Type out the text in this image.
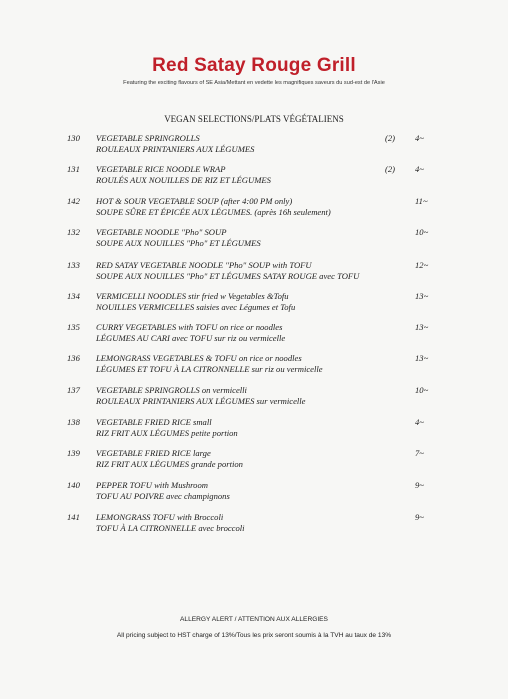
Red Satay Rouge Grill
Featuring the exciting flavours of SE Asia/Mettant en vedette les magnifiques saveurs du sud-est de l'Asie
VEGAN SELECTIONS/PLATS VÉGÉTALIENS
130 VEGETABLE SPRINGROLLS
ROULEAUX PRINTANIERS AUX LÉGUMES
(2) 4~
131 VEGETABLE RICE NOODLE WRAP
ROULÉS AUX NOUILLES DE RIZ ET LÉGUMES
(2) 4~
142 HOT & SOUR VEGETABLE SOUP (after 4:00 PM only)
SOUPE SÛRE ET ÉPICÉE AUX LÉGUMES. (après 16h seulement)
11~
132 VEGETABLE NOODLE "Pho" SOUP
SOUPE AUX NOUILLES "Pho" ET LÉGUMES
10~
133 RED SATAY VEGETABLE NOODLE "Pho" SOUP with TOFU
SOUPE AUX NOUILLES "Pho" ET LÉGUMES SATAY ROUGE avec TOFU
12~
134 VERMICELLI NOODLES stir fried w Vegetables &Tofu
NOUILLES VERMICELLES saisies avec Légumes et Tofu
13~
135 CURRY VEGETABLES with TOFU on rice or noodles
LÉGUMES AU CARI avec TOFU sur riz ou vermicelle
13~
136 LEMONGRASS VEGETABLES & TOFU on rice or noodles
LÉGUMES ET TOFU À LA CITRONNELLE sur riz ou vermicelle
13~
137 VEGETABLE SPRINGROLLS on vermicelli
ROULEAUX PRINTANIERS AUX LÉGUMES sur vermicelle
10~
138 VEGETABLE FRIED RICE small
RIZ FRIT AUX LÉGUMES petite portion
4~
139 VEGETABLE FRIED RICE large
RIZ FRIT AUX LÉGUMES grande portion
7~
140 PEPPER TOFU with Mushroom
TOFU AU POIVRE avec champignons
9~
141 LEMONGRASS TOFU with Broccoli
TOFU À LA CITRONNELLE avec broccoli
9~
ALLERGY ALERT / ATTENTION AUX ALLERGIES
All pricing subject to HST charge of 13%/Tous les prix seront soumis à la TVH au taux de 13%
